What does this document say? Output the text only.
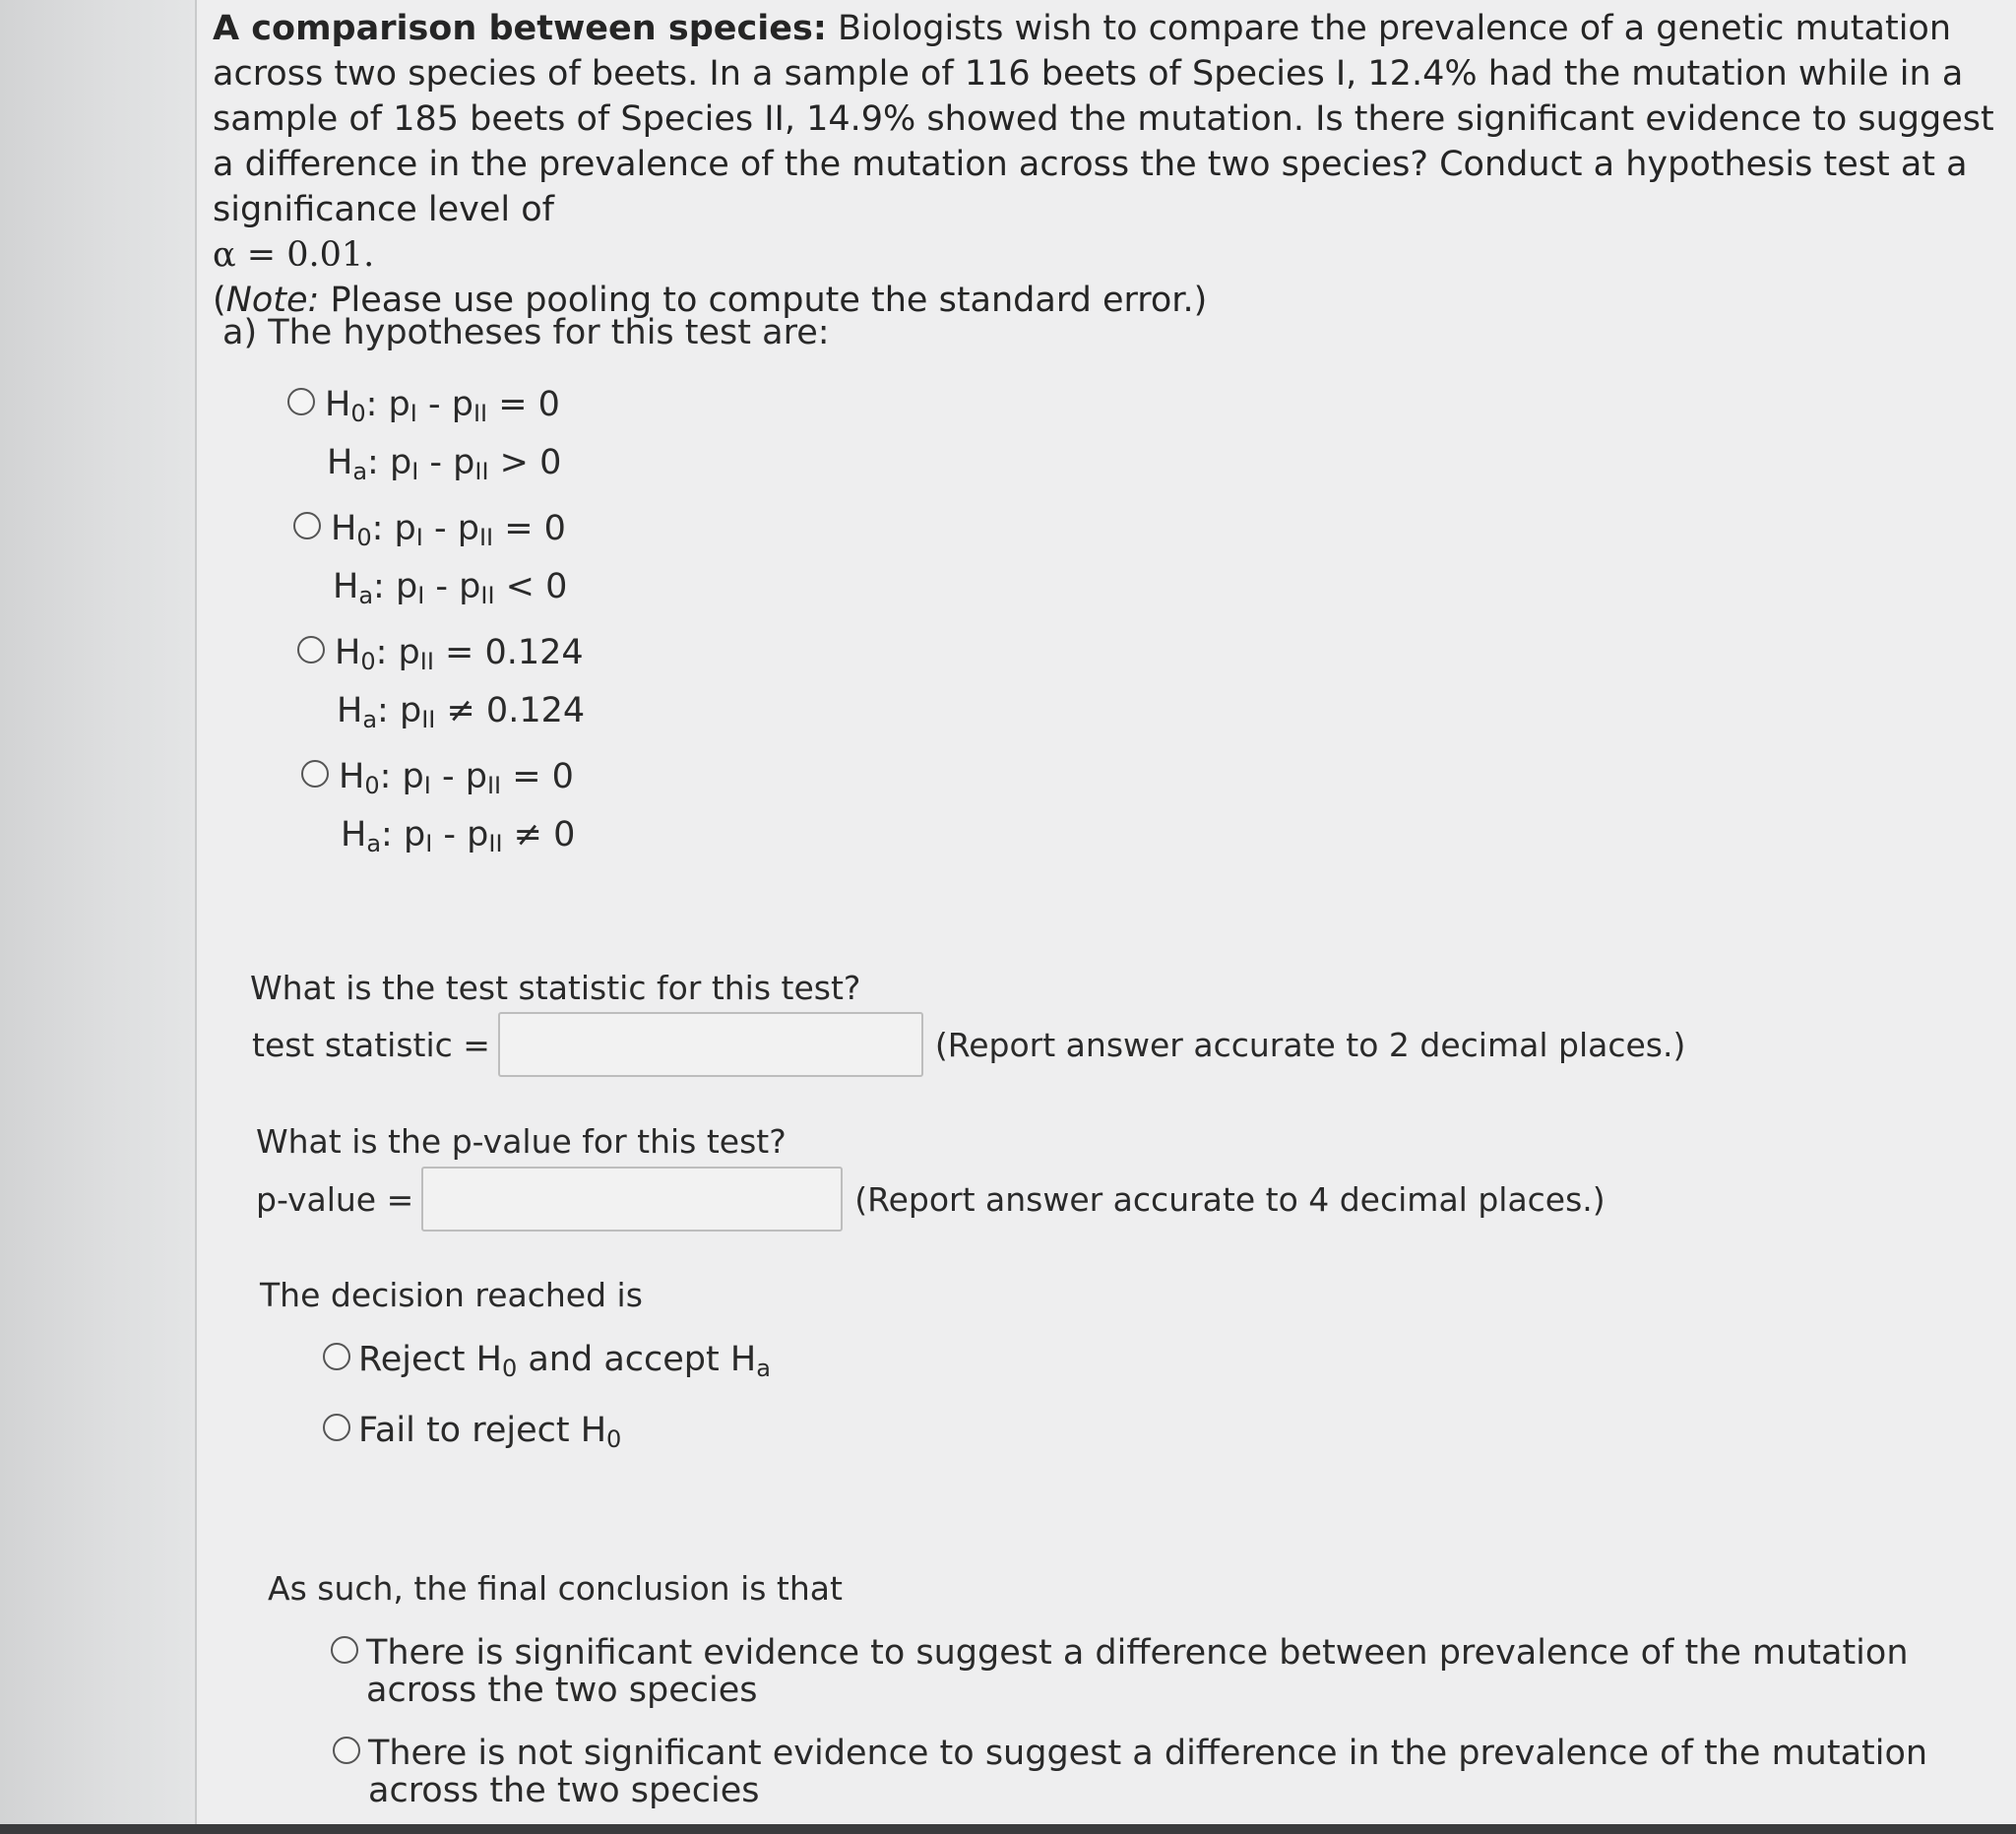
A comparison between species: Biologists wish to compare the prevalence of a genetic mutation across two species of beets. In a sample of 116 beets of Species I, 12.4% had the mutation while in a sample of 185 beets of Species II, 14.9% showed the mutation. Is there significant evidence to suggest a difference in the prevalence of the mutation across the two species? Conduct a hypothesis test at a significance level of
α = 0.01.
(Note: Please use pooling to compute the standard error.)
a) The hypotheses for this test are:
$H_0$: $p_I - p_{II} = 0$
$H_a$: $p_I - p_{II} > 0$
$H_0$: $p_I - p_{II} = 0$
$H_a$: $p_I - p_{II} < 0$
$H_0$: $p_{II} = 0.124$
$H_a$: $p_{II} \ne 0.124$
$H_0$: $p_I - p_{II} = 0$
$H_a$: $p_I - p_{II} \ne 0$
What is the test statistic for this test?
test statistic =	(Report answer accurate to 2 decimal places.)
What is the p-value for this test?
p-value =	(Report answer accurate to 4 decimal places.)
The decision reached is
Reject $H_0$ and accept $H_a$
Fail to reject $H_0$
As such, the final conclusion is that
There is significant evidence to suggest a difference between prevalence of the mutation across the two species
There is not significant evidence to suggest a difference in the prevalence of the mutation across the two species
